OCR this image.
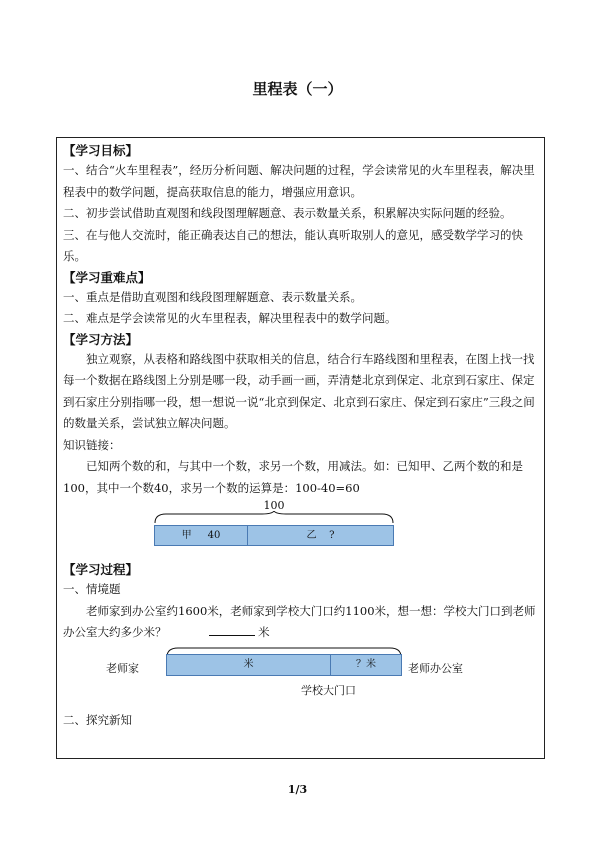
里程表（一）
【学习目标】
一、结合“火车里程表”，经历分析问题、解决问题的过程，学会读常见的火车里程表，解决里程表中的数学问题，提高获取信息的能力，增强应用意识。
二、初步尝试借助直观图和线段图理解题意、表示数量关系，积累解决实际问题的经验。
三、在与他人交流时，能正确表达自己的想法，能认真听取别人的意见，感受数学学习的快乐。
【学习重难点】
一、重点是借助直观图和线段图理解题意、表示数量关系。
二、难点是学会读常见的火车里程表，解决里程表中的数学问题。
【学习方法】
独立观察，从表格和路线图中获取相关的信息，结合行车路线图和里程表，在图上找一找每一个数据在路线图上分别是哪一段，动手画一画，弄清楚北京到保定、北京到石家庄、保定到石家庄分别指哪一段，想一想说一说“北京到保定、北京到石家庄、保定到石家庄”三段之间的数量关系，尝试独立解决问题。
知识链接：
已知两个数的和，与其中一个数，求另一个数，用减法。如：已知甲、乙两个数的和是100，其中一个数40，求另一个数的运算是：100-40=60
100
甲 40	乙 ?
【学习过程】
一、情境题
老师家到办公室约1600米，老师家到学校大门口约1100米，想一想：学校大门口到老师办公室大约多少米？	米
老师家	米	？米	老师办公室
学校大门口
二、探究新知
1/3
